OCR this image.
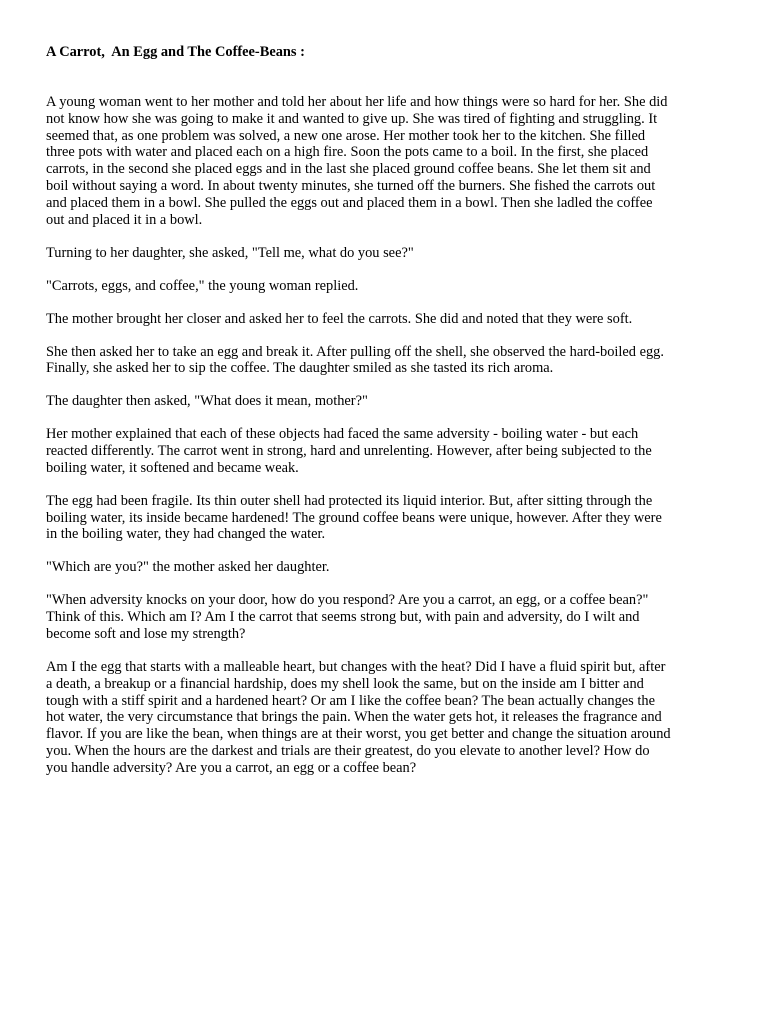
A Carrot,  An Egg and The Coffee-Beans :

A young woman went to her mother and told her about her life and how things were so hard for her. She did
not know how she was going to make it and wanted to give up. She was tired of fighting and struggling. It
seemed that, as one problem was solved, a new one arose. Her mother took her to the kitchen. She filled
three pots with water and placed each on a high fire. Soon the pots came to a boil. In the first, she placed
carrots, in the second she placed eggs and in the last she placed ground coffee beans. She let them sit and
boil without saying a word. In about twenty minutes, she turned off the burners. She fished the carrots out
and placed them in a bowl. She pulled the eggs out and placed them in a bowl. Then she ladled the coffee
out and placed it in a bowl.

Turning to her daughter, she asked, "Tell me, what do you see?"

"Carrots, eggs, and coffee," the young woman replied.

The mother brought her closer and asked her to feel the carrots. She did and noted that they were soft.

She then asked her to take an egg and break it. After pulling off the shell, she observed the hard-boiled egg.
Finally, she asked her to sip the coffee. The daughter smiled as she tasted its rich aroma.

The daughter then asked, "What does it mean, mother?"

Her mother explained that each of these objects had faced the same adversity - boiling water - but each
reacted differently. The carrot went in strong, hard and unrelenting. However, after being subjected to the
boiling water, it softened and became weak.

The egg had been fragile. Its thin outer shell had protected its liquid interior. But, after sitting through the
boiling water, its inside became hardened! The ground coffee beans were unique, however. After they were
in the boiling water, they had changed the water.

"Which are you?" the mother asked her daughter.

"When adversity knocks on your door, how do you respond? Are you a carrot, an egg, or a coffee bean?"
Think of this. Which am I? Am I the carrot that seems strong but, with pain and adversity, do I wilt and
become soft and lose my strength?

Am I the egg that starts with a malleable heart, but changes with the heat? Did I have a fluid spirit but, after
a death, a breakup or a financial hardship, does my shell look the same, but on the inside am I bitter and
tough with a stiff spirit and a hardened heart? Or am I like the coffee bean? The bean actually changes the
hot water, the very circumstance that brings the pain. When the water gets hot, it releases the fragrance and
flavor. If you are like the bean, when things are at their worst, you get better and change the situation around
you. When the hours are the darkest and trials are their greatest, do you elevate to another level? How do
you handle adversity? Are you a carrot, an egg or a coffee bean?
